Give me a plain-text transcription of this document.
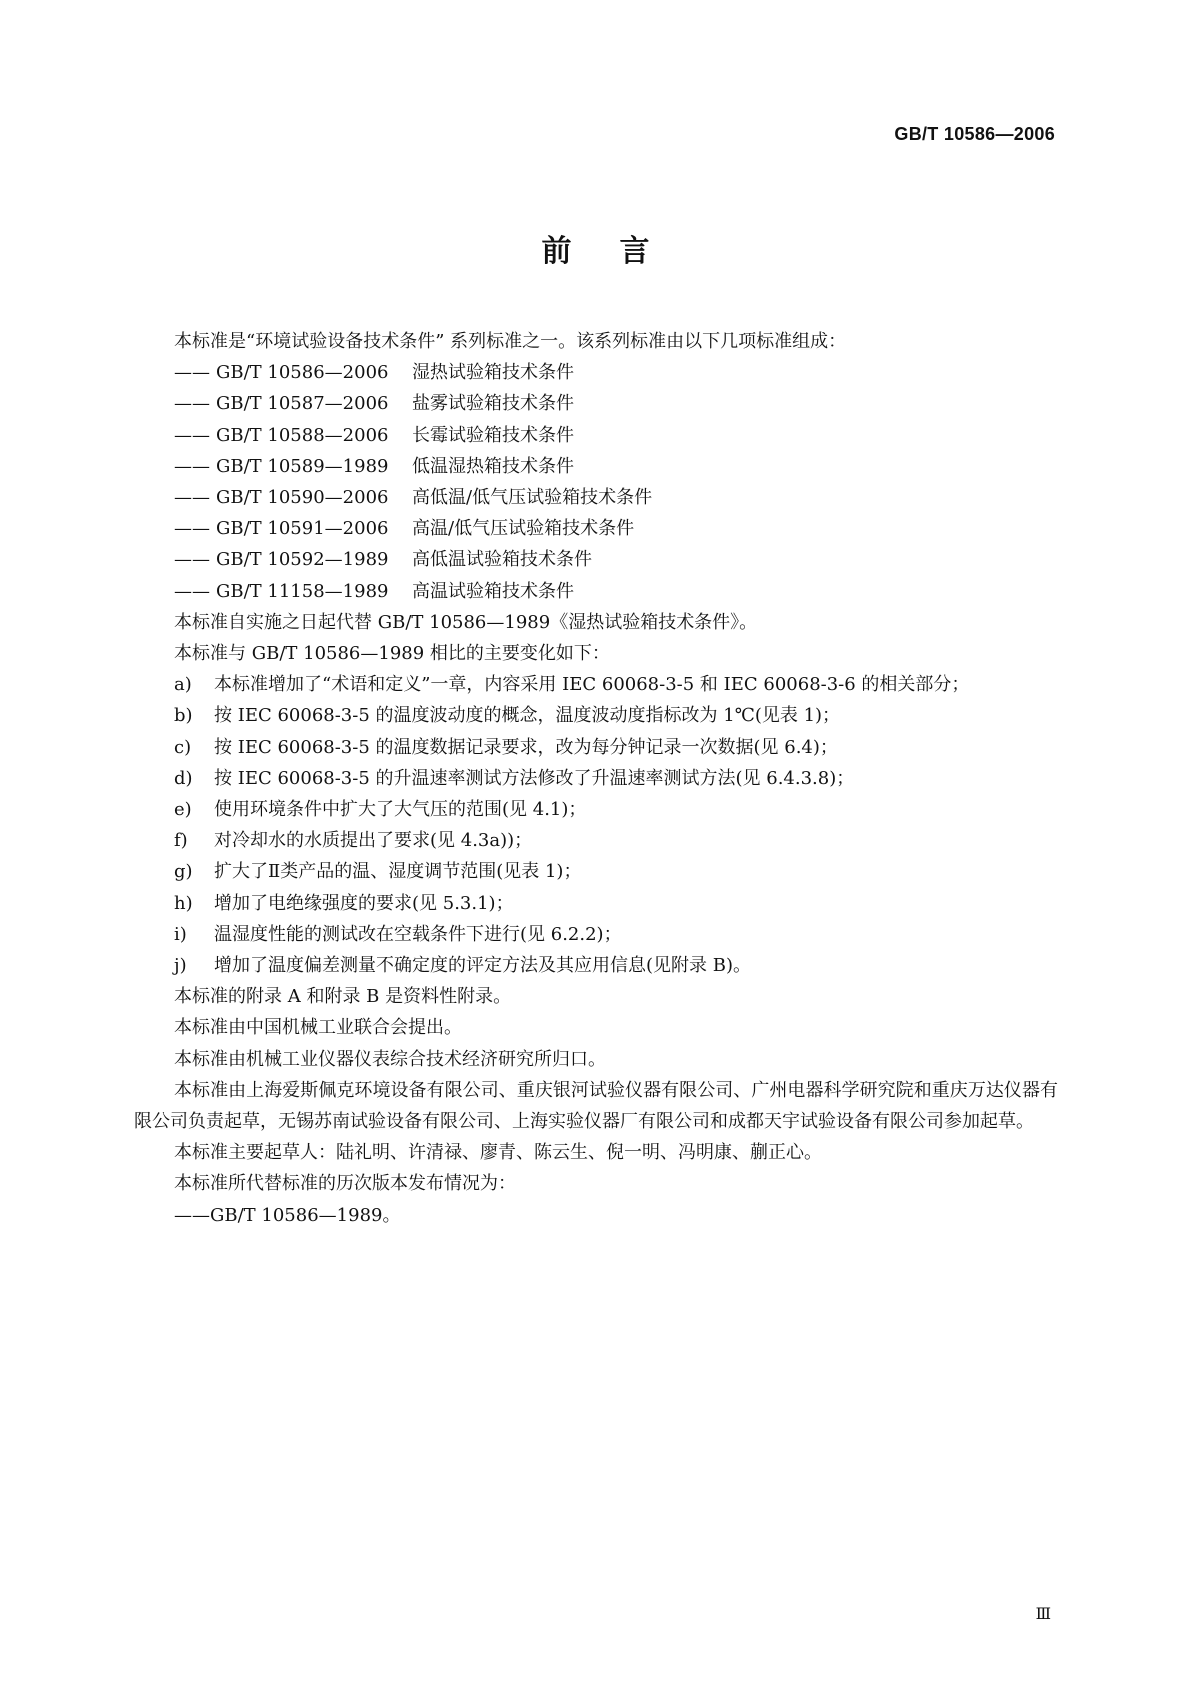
GB/T 10586—2006
前言

本标准是“环境试验设备技术条件” 系列标准之一。该系列标准由以下几项标准组成：

—— GB/T 10586—2006 湿热试验箱技术条件
—— GB/T 10587—2006 盐雾试验箱技术条件
—— GB/T 10588—2006 长霉试验箱技术条件
—— GB/T 10589—1989 低温湿热箱技术条件
—— GB/T 10590—2006 高低温/低气压试验箱技术条件
—— GB/T 10591—2006 高温/低气压试验箱技术条件
—— GB/T 10592—1989 高低温试验箱技术条件
—— GB/T 11158—1989 高温试验箱技术条件

本标准自实施之日起代替 GB/T 10586—1989《湿热试验箱技术条件》。

本标准与 GB/T 10586—1989 相比的主要变化如下：

a) 本标准增加了“术语和定义”一章，内容采用 IEC 60068-3-5 和 IEC 60068-3-6 的相关部分；
b) 按 IEC 60068-3-5 的温度波动度的概念，温度波动度指标改为 1℃(见表 1)；
c) 按 IEC 60068-3-5 的温度数据记录要求，改为每分钟记录一次数据(见 6.4)；
d) 按 IEC 60068-3-5 的升温速率测试方法修改了升温速率测试方法(见 6.4.3.8)；
e) 使用环境条件中扩大了大气压的范围(见 4.1)；
f) 对冷却水的水质提出了要求(见 4.3a))；
g) 扩大了Ⅱ类产品的温、湿度调节范围(见表 1)；
h) 增加了电绝缘强度的要求(见 5.3.1)；
i) 温湿度性能的测试改在空载条件下进行(见 6.2.2)；
j) 增加了温度偏差测量不确定度的评定方法及其应用信息(见附录 B)。

本标准的附录 A 和附录 B 是资料性附录。

本标准由中国机械工业联合会提出。

本标准由机械工业仪器仪表综合技术经济研究所归口。

本标准由上海爱斯佩克环境设备有限公司、重庆银河试验仪器有限公司、广州电器科学研究院和重庆万达仪器有限公司负责起草，无锡苏南试验设备有限公司、上海实验仪器厂有限公司和成都天宇试验设备有限公司参加起草。

本标准主要起草人：陆礼明、许清禄、廖青、陈云生、倪一明、冯明康、蒯正心。

本标准所代替标准的历次版本发布情况为：

——GB/T 10586—1989。

Ⅲ
